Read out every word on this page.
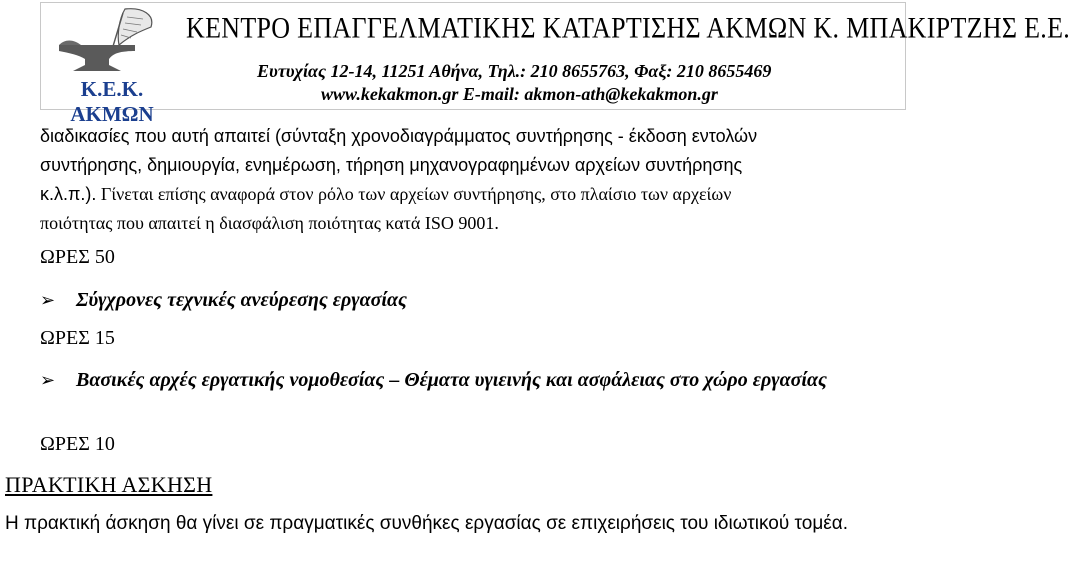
Κ.Ε.Κ. ΑΚΜΩΝ
ΚΕΝΤΡΟ ΕΠΑΓΓΕΛΜΑΤΙΚΗΣ ΚΑΤΑΡΤΙΣΗΣ ΑΚΜΩΝ Κ. ΜΠΑΚΙΡΤΖΗΣ Ε.Ε.
Ευτυχίας 12-14, 11251 Αθήνα, Τηλ.: 210 8655763, Φαξ: 210 8655469
www.kekakmon.gr E-mail: akmon-ath@kekakmon.gr

διαδικασίες που αυτή απαιτεί (σύνταξη χρονοδιαγράμματος συντήρησης - έκδοση εντολών
συντήρησης, δημιουργία, ενημέρωση, τήρηση μηχανογραφημένων αρχείων συντήρησης
κ.λ.π.). Γίνεται επίσης αναφορά στον ρόλο των αρχείων συντήρησης, στο πλαίσιο των αρχείων
ποιότητας που απαιτεί η διασφάλιση ποιότητας κατά ISO 9001.

ΩΡΕΣ 50
➢ Σύγχρονες τεχνικές ανεύρεσης εργασίας
ΩΡΕΣ 15
➢ Βασικές αρχές εργατικής νομοθεσίας – Θέματα υγιεινής και ασφάλειας στο χώρο εργασίας
ΩΡΕΣ 10
ΠΡΑΚΤΙΚΗ ΑΣΚΗΣΗ

Η πρακτική άσκηση θα γίνει σε πραγματικές συνθήκες εργασίας σε επιχειρήσεις του ιδιωτικού τομέα.
